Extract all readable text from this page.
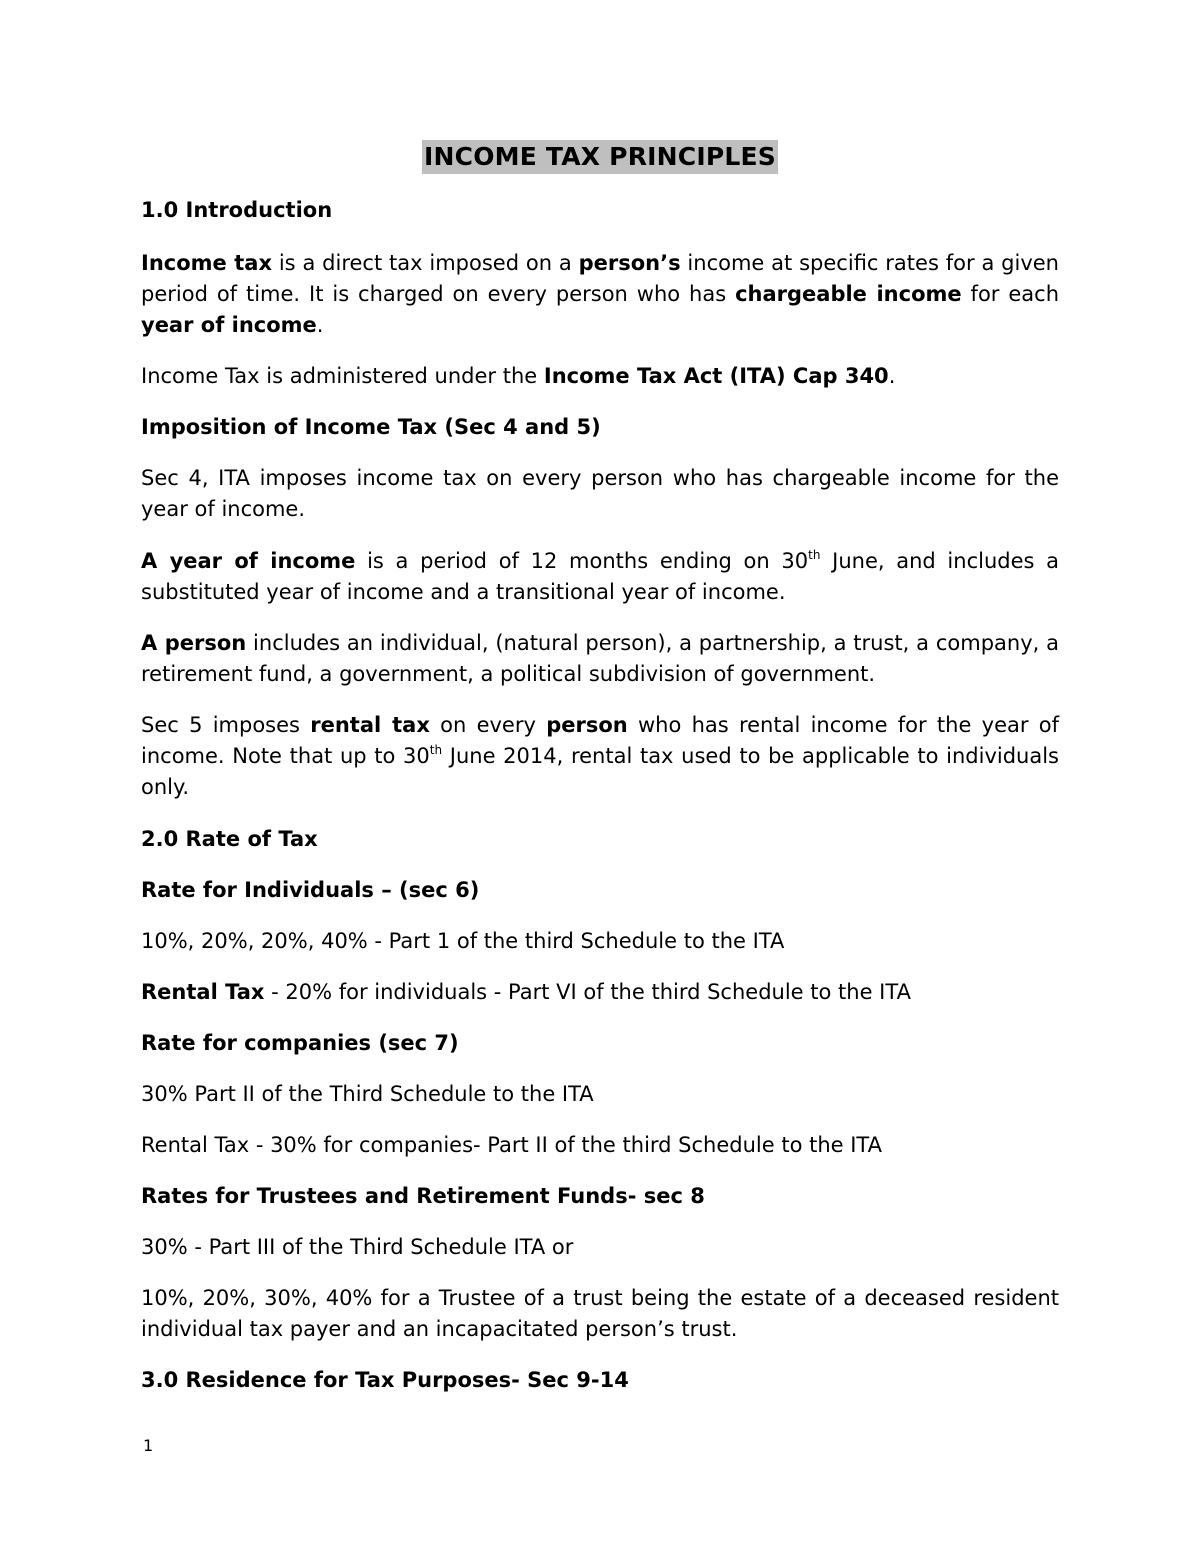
INCOME TAX PRINCIPLES

1.0 Introduction

Income tax is a direct tax imposed on a person’s income at specific rates for a given period of time. It is charged on every person who has chargeable income for each year of income.

Income Tax is administered under the Income Tax Act (ITA) Cap 340.

Imposition of Income Tax (Sec 4 and 5)

Sec 4, ITA imposes income tax on every person who has chargeable income for the year of income.

A year of income is a period of 12 months ending on 30th June, and includes a substituted year of income and a transitional year of income.

A person includes an individual, (natural person), a partnership, a trust, a company, a retirement fund, a government, a political subdivision of government.

Sec 5 imposes rental tax on every person who has rental income for the year of income. Note that up to 30th June 2014, rental tax used to be applicable to individuals only.

2.0 Rate of Tax

Rate for Individuals – (sec 6)

10%, 20%, 20%, 40% - Part 1 of the third Schedule to the ITA

Rental Tax - 20% for individuals - Part VI of the third Schedule to the ITA

Rate for companies (sec 7)

30% Part II of the Third Schedule to the ITA

Rental Tax - 30% for companies- Part II of the third Schedule to the ITA

Rates for Trustees and Retirement Funds- sec 8

30% - Part III of the Third Schedule ITA or

10%, 20%, 30%, 40% for a Trustee of a trust being the estate of a deceased resident individual tax payer and an incapacitated person’s trust.

3.0 Residence for Tax Purposes- Sec 9-14

1
